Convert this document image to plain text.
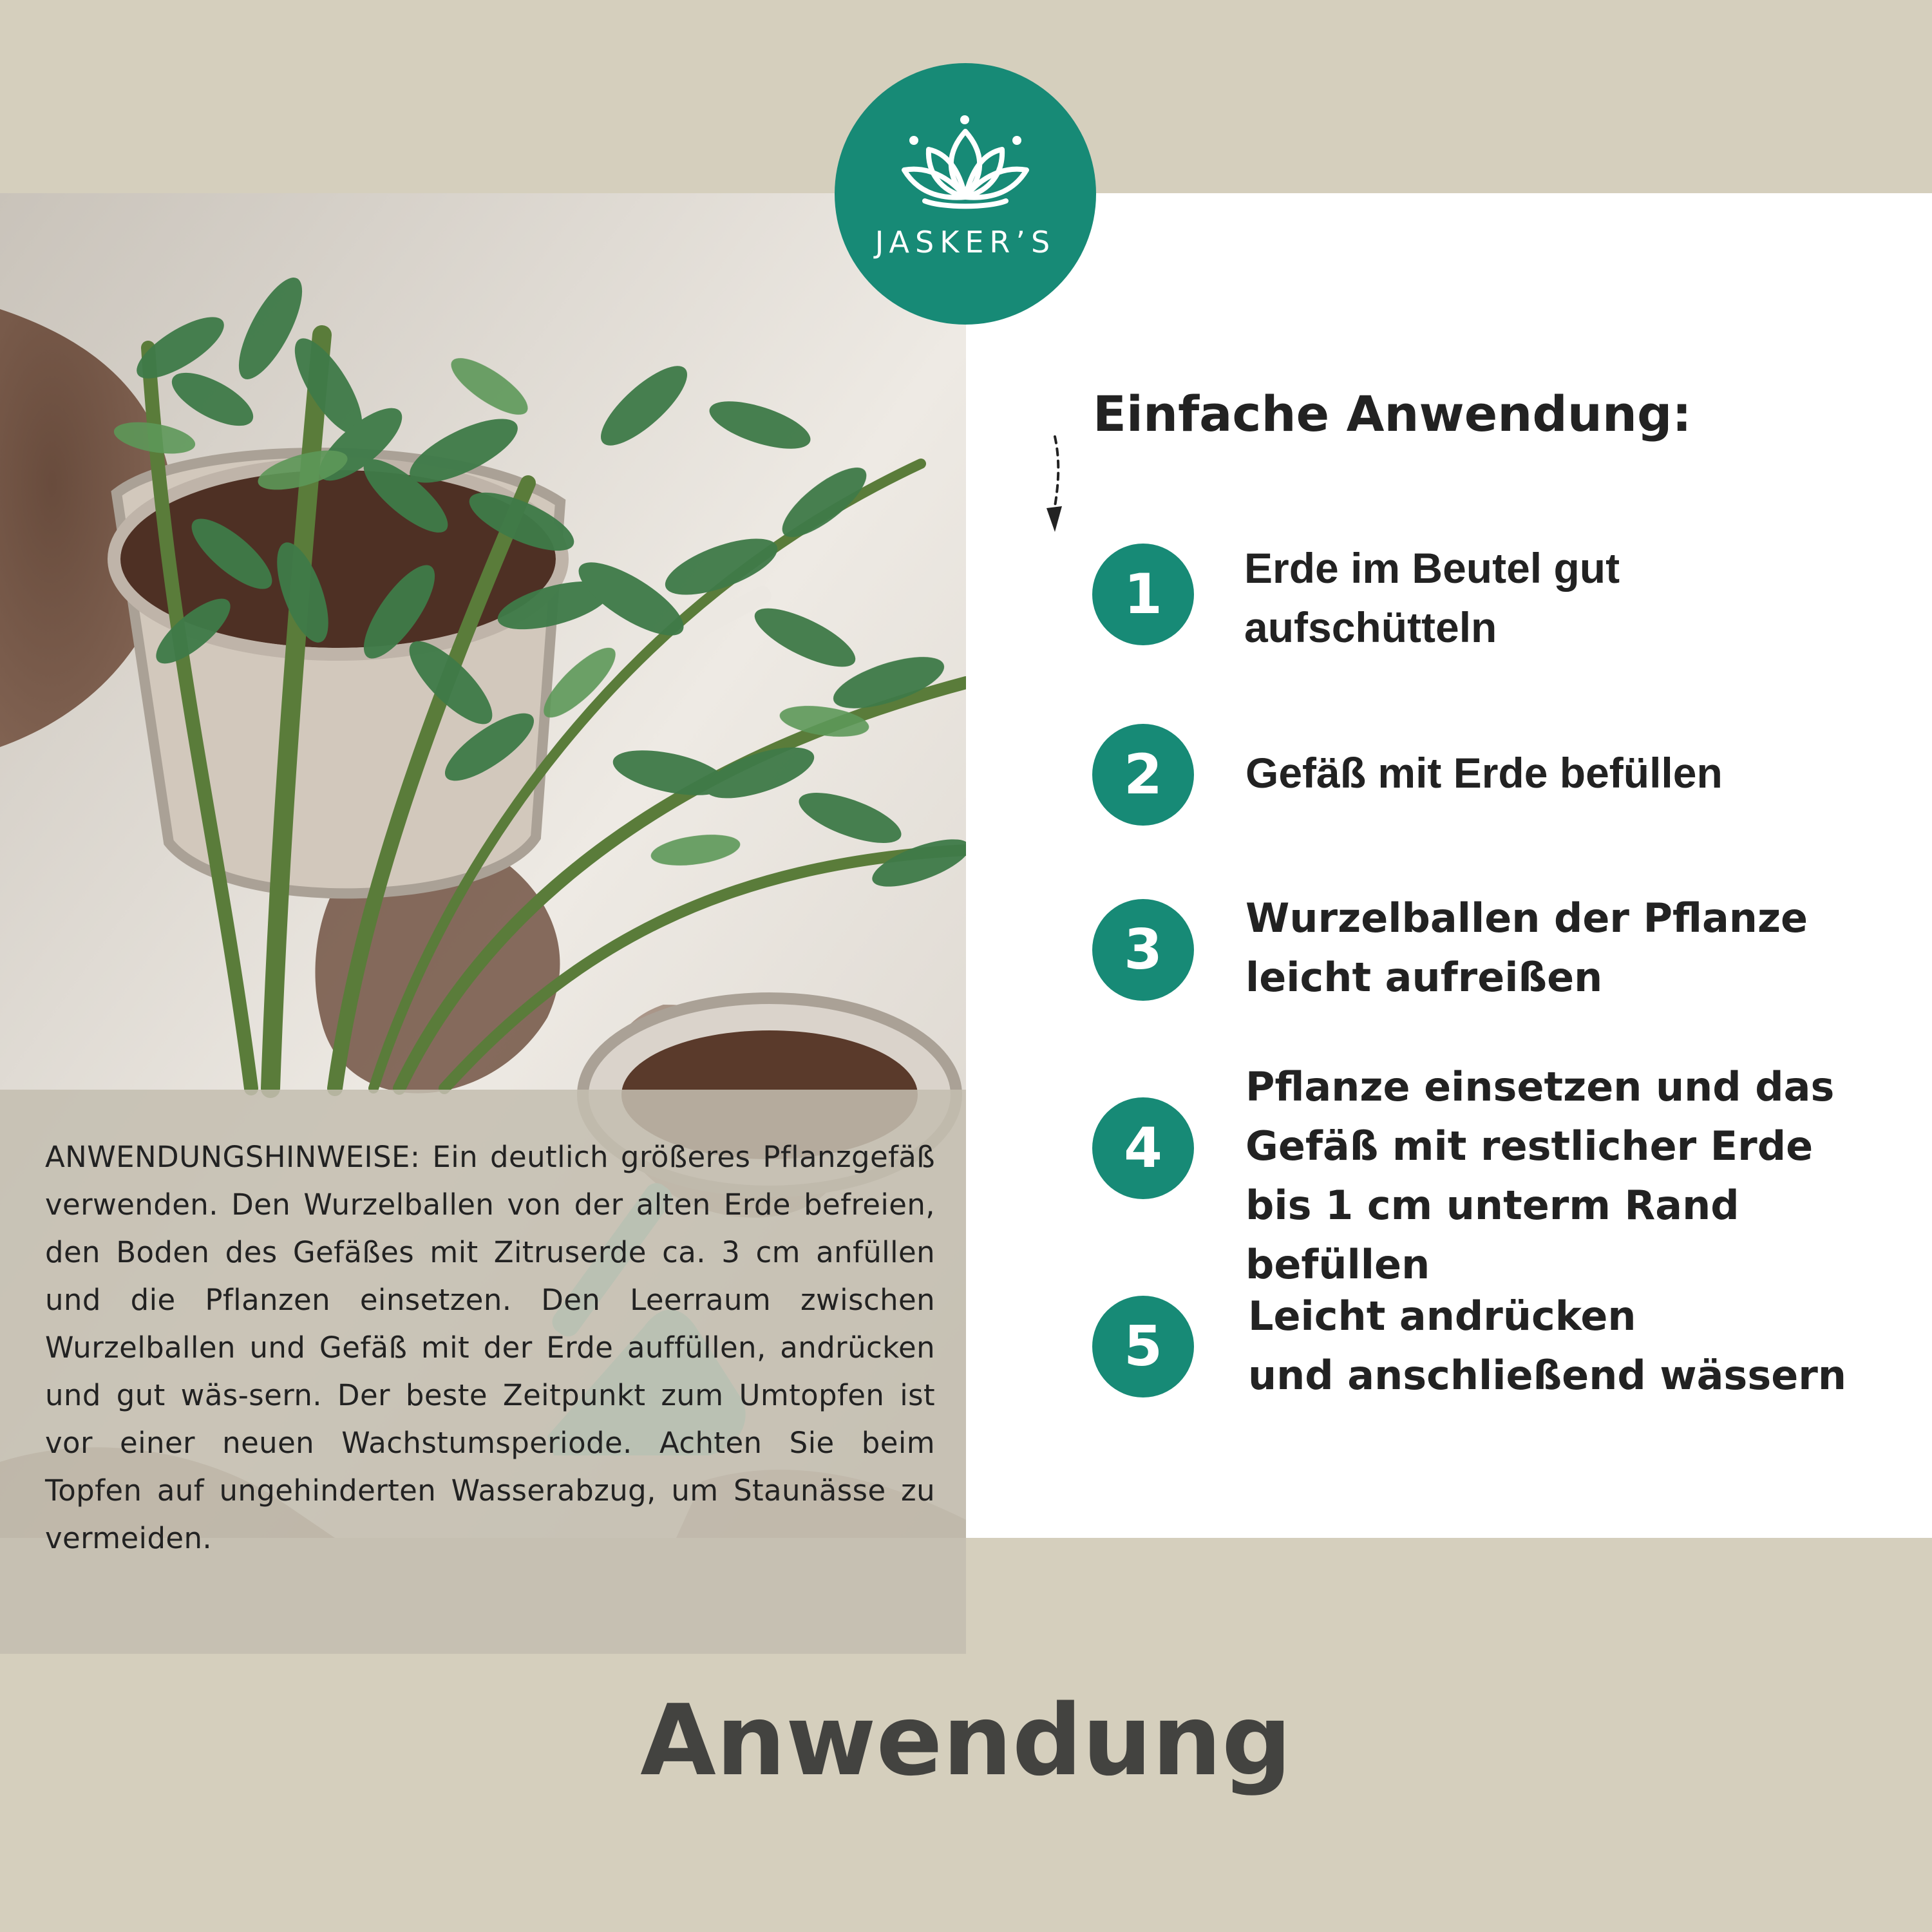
ANWENDUNGSHINWEISE: Ein deutlich größeres Pflanzgefäß verwenden. Den Wurzelballen von der alten Erde befreien, den Boden des Gefäßes mit Zitruserde ca. 3 cm anfüllen und die Pflanzen einsetzen. Den Leerraum zwischen Wurzelballen und Gefäß mit der Erde auffüllen, andrücken und gut wäs-sern. Der beste Zeitpunkt zum Umtopfen ist vor einer neuen Wachstumsperiode. Achten Sie beim Topfen auf ungehinderten Wasserabzug, um Staunässe zu vermeiden.

JASKER’S
Einfache Anwendung:
1	Erde im Beutel gut
aufschütteln
2	Gefäß mit Erde befüllen
3	Wurzelballen der Pflanze
leicht aufreißen
4
Pflanze einsetzen und das
Gefäß mit restlicher Erde
bis 1 cm unterm Rand befüllen
5	Leicht andrücken
und anschließend wässern
Anwendung
